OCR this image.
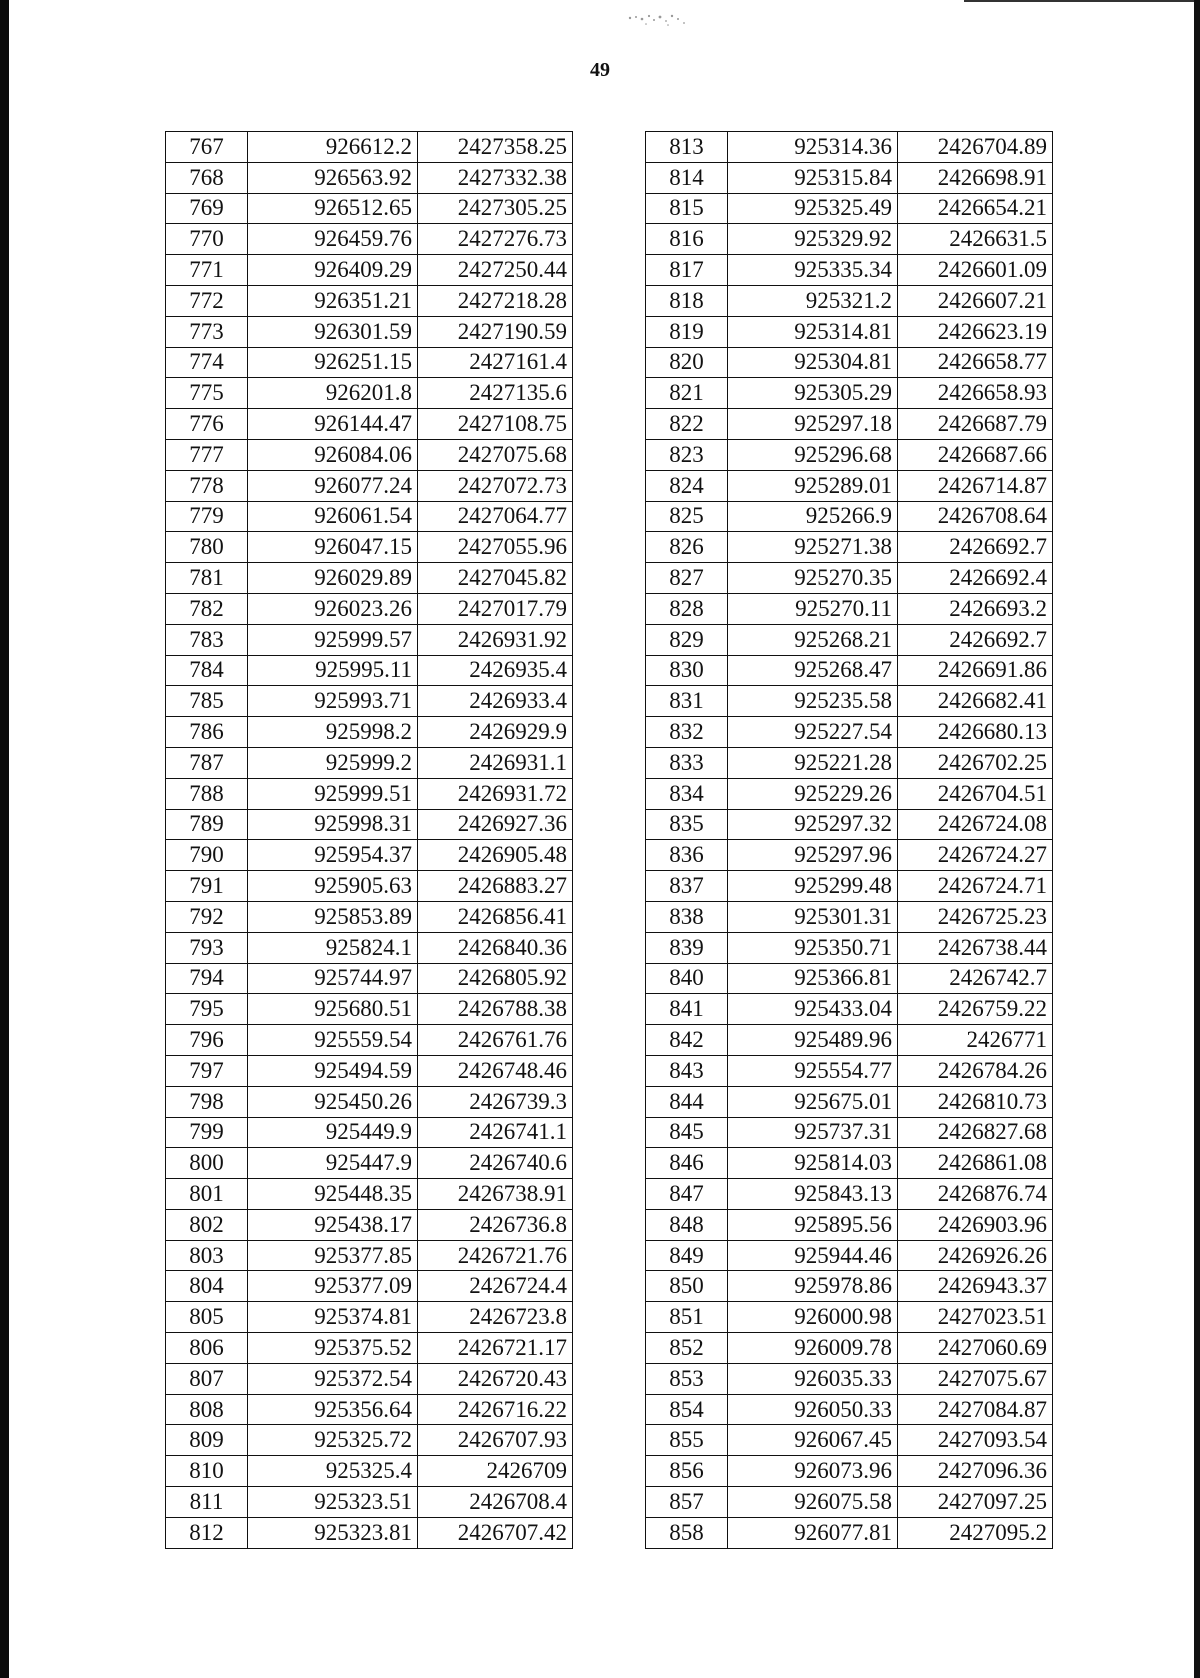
49
767	926612.2	2427358.25
768	926563.92	2427332.38
769	926512.65	2427305.25
770	926459.76	2427276.73
771	926409.29	2427250.44
772	926351.21	2427218.28
773	926301.59	2427190.59
774	926251.15	2427161.4
775	926201.8	2427135.6
776	926144.47	2427108.75
777	926084.06	2427075.68
778	926077.24	2427072.73
779	926061.54	2427064.77
780	926047.15	2427055.96
781	926029.89	2427045.82
782	926023.26	2427017.79
783	925999.57	2426931.92
784	925995.11	2426935.4
785	925993.71	2426933.4
786	925998.2	2426929.9
787	925999.2	2426931.1
788	925999.51	2426931.72
789	925998.31	2426927.36
790	925954.37	2426905.48
791	925905.63	2426883.27
792	925853.89	2426856.41
793	925824.1	2426840.36
794	925744.97	2426805.92
795	925680.51	2426788.38
796	925559.54	2426761.76
797	925494.59	2426748.46
798	925450.26	2426739.3
799	925449.9	2426741.1
800	925447.9	2426740.6
801	925448.35	2426738.91
802	925438.17	2426736.8
803	925377.85	2426721.76
804	925377.09	2426724.4
805	925374.81	2426723.8
806	925375.52	2426721.17
807	925372.54	2426720.43
808	925356.64	2426716.22
809	925325.72	2426707.93
810	925325.4	2426709
811	925323.51	2426708.4
812	925323.81	2426707.42
813	925314.36	2426704.89
814	925315.84	2426698.91
815	925325.49	2426654.21
816	925329.92	2426631.5
817	925335.34	2426601.09
818	925321.2	2426607.21
819	925314.81	2426623.19
820	925304.81	2426658.77
821	925305.29	2426658.93
822	925297.18	2426687.79
823	925296.68	2426687.66
824	925289.01	2426714.87
825	925266.9	2426708.64
826	925271.38	2426692.7
827	925270.35	2426692.4
828	925270.11	2426693.2
829	925268.21	2426692.7
830	925268.47	2426691.86
831	925235.58	2426682.41
832	925227.54	2426680.13
833	925221.28	2426702.25
834	925229.26	2426704.51
835	925297.32	2426724.08
836	925297.96	2426724.27
837	925299.48	2426724.71
838	925301.31	2426725.23
839	925350.71	2426738.44
840	925366.81	2426742.7
841	925433.04	2426759.22
842	925489.96	2426771
843	925554.77	2426784.26
844	925675.01	2426810.73
845	925737.31	2426827.68
846	925814.03	2426861.08
847	925843.13	2426876.74
848	925895.56	2426903.96
849	925944.46	2426926.26
850	925978.86	2426943.37
851	926000.98	2427023.51
852	926009.78	2427060.69
853	926035.33	2427075.67
854	926050.33	2427084.87
855	926067.45	2427093.54
856	926073.96	2427096.36
857	926075.58	2427097.25
858	926077.81	2427095.2
